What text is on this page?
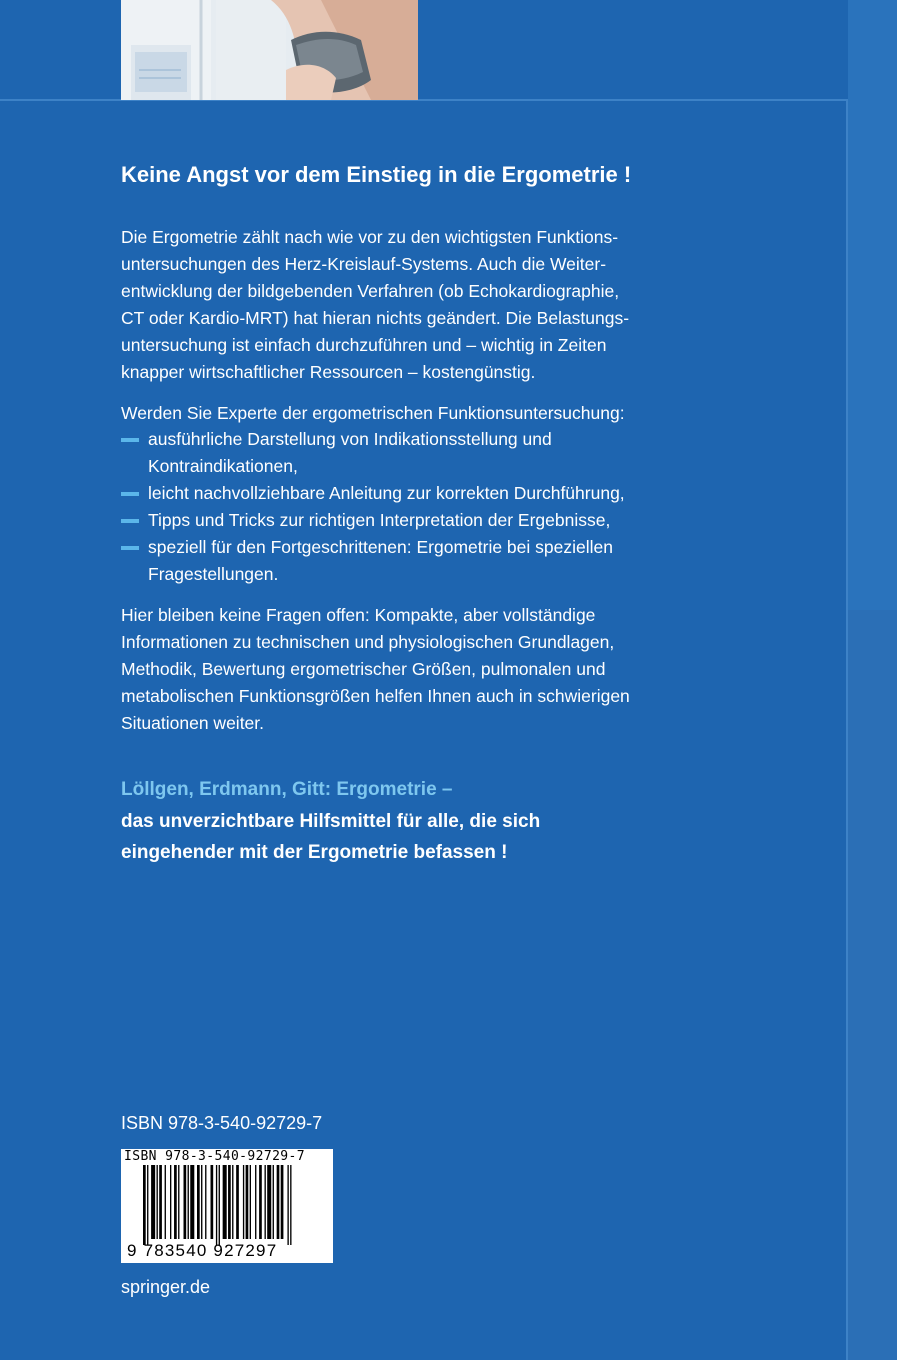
Keine Angst vor dem Einstieg in die Ergometrie !
Die Ergometrie zählt nach wie vor zu den wichtigsten Funktions-
untersuchungen des Herz-Kreislauf-Systems. Auch die Weiter-
entwicklung der bildgebenden Verfahren (ob Echokardiographie,
CT oder Kardio-MRT) hat hieran nichts geändert. Die Belastungs-
untersuchung ist einfach durchzuführen und – wichtig in Zeiten
knapper wirtschaftlicher Ressourcen – kostengünstig.
Werden Sie Experte der ergometrischen Funktionsuntersuchung:
ausführliche Darstellung von Indikationsstellung und
Kontraindikationen,
leicht nachvollziehbare Anleitung zur korrekten Durchführung,
Tipps und Tricks zur richtigen Interpretation der Ergebnisse,
speziell für den Fortgeschrittenen: Ergometrie bei speziellen
Fragestellungen.
Hier bleiben keine Fragen offen: Kompakte, aber vollständige
Informationen zu technischen und physiologischen Grundlagen,
Methodik, Bewertung ergometrischer Größen, pulmonalen und
metabolischen Funktionsgrößen helfen Ihnen auch in schwierigen
Situationen weiter.
Löllgen, Erdmann, Gitt: Ergometrie –
das unverzichtbare Hilfsmittel für alle, die sich
eingehender mit der Ergometrie befassen !
ISBN 978-3-540-92729-7
ISBN 978-3-540-92729-7
9 783540 927297
springer.de
